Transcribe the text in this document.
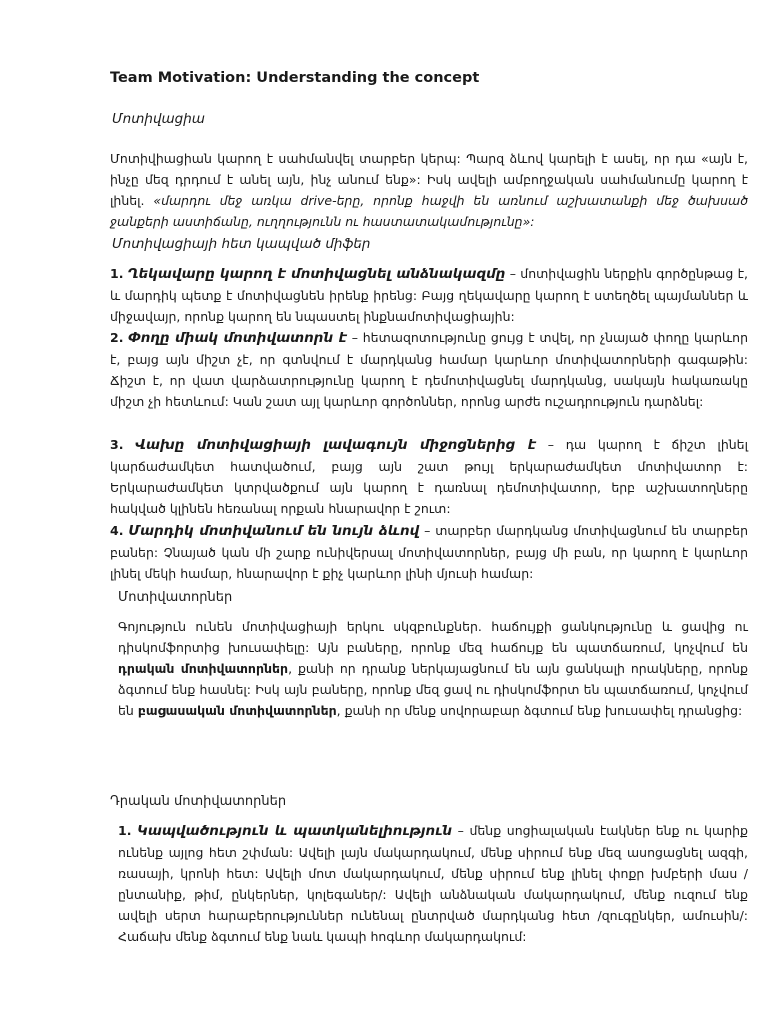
Team Motivation: Understanding the concept
Մոտիվացիա

Մոտիվիացիան կարող է սահմանվել տարբեր կերպ: Պարզ ձևով կարելի է ասել, որ դա «այն է, ինչը մեզ դրդում է անել այն, ինչ անում ենք»: Իսկ ավելի ամբողջական սահմանումը կարող է լինել. «մարդու մեջ առկա drive-երը, որոնք հաջվի են առնում աշխատանքի մեջ ծախսած ջանքերի աստիճանը, ուղղությունն ու հաստատակամությունը»:

Մոտիվացիայի հետ կապված միֆեր

1. Ղեկավարը կարող է մոտիվացնել անձնակազմը – մոտիվացին ներքին գործընթաց է, և մարդիկ պետք է մոտիվացնեն իրենք իրենց: Բայց ղեկավարը կարող է ստեղծել պայմաններ և միջավայր, որոնք կարող են նպաստել ինքնամոտիվացիային:

2. Փողը միակ մոտիվատորն է – հետազոտությունը ցույց է տվել, որ չնայած փողը կարևոր է, բայց այն միշտ չէ, որ գտնվում է մարդկանց համար կարևոր մոտիվատորների գագաթին: Ճիշտ է, որ վատ վարձատրությունը կարող է դեմոտիվացնել մարդկանց, սակայն հակառակը միշտ չի հետևում: Կան շատ այլ կարևոր գործոններ, որոնց արժե ուշադրություն դարձնել:

3. Վախը մոտիվացիայի լավագույն միջոցներից է – դա կարող է ճիշտ լինել կարճաժամկետ հատվածում, բայց այն շատ թույլ երկարաժամկետ մոտիվատոր է: Երկարաժամկետ կտրվածքում այն կարող է դառնալ դեմոտիվատոր, երբ աշխատողները հակված կլինեն հեռանալ որքան հնարավոր է շուտ:

4. Մարդիկ մոտիվանում են նույն ձևով – տարբեր մարդկանց մոտիվացնում են տարբեր բաներ: Չնայած կան մի շարք ունիվերսալ մոտիվատորներ, բայց մի բան, որ կարող է կարևոր լինել մեկի համար, հնարավոր է քիչ կարևոր լինի մյուսի համար:

Մոտիվատորներ

Գոյություն ունեն մոտիվացիայի երկու սկզբունքներ. հաճույքի ցանկությունը և ցավից ու դիսկոմֆորտից խուսափելը: Այն բաները, որոնք մեզ հաճույք են պատճառում, կոչվում են դրական մոտիվատորներ, քանի որ դրանք ներկայացնում են այն ցանկալի որակները, որոնք ձգտում ենք հասնել: Իսկ այն բաները, որոնք մեզ ցավ ու դիսկոմֆորտ են պատճառում, կոչվում են բացասական մոտիվատորներ, քանի որ մենք սովորաբար ձգտում ենք խուսափել դրանցից:

Դրական մոտիվատորներ

1. Կապվածություն և պատկանելիություն – մենք սոցիալական էակներ ենք ու կարիք ունենք այլոց հետ շփման: Ավելի լայն մակարդակում, մենք սիրում ենք մեզ ասոցացնել ազգի, ռասայի, կրոնի հետ: Ավելի մոտ մակարդակում, մենք սիրում ենք լինել փոքր խմբերի մաս /ընտանիք, թիմ, ընկերներ, կոլեգաներ/: Ավելի անձնական մակարդակում, մենք ուզում ենք ավելի սերտ հարաբերություններ ունենալ ընտրված մարդկանց հետ /զուգընկեր, ամուսին/: Հաճախ մենք ձգտում ենք նաև կապի հոգևոր մակարդակում:
